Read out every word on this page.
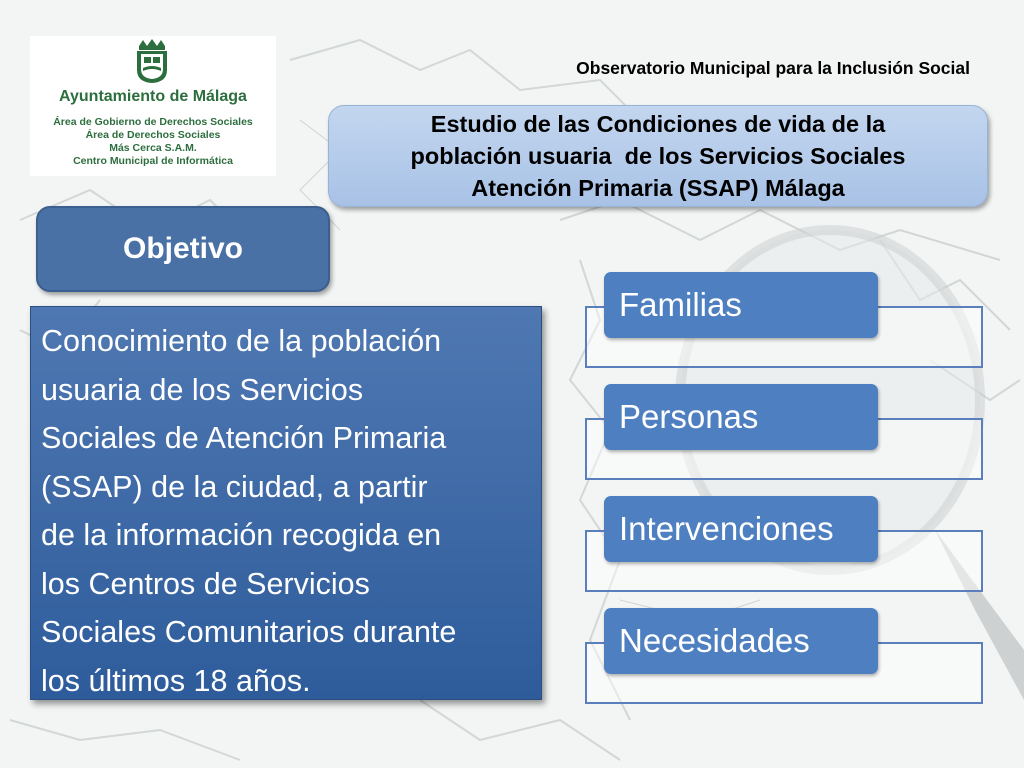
Ayuntamiento de Málaga
Área de Gobierno de Derechos Sociales
Área de Derechos Sociales
Más Cerca S.A.M.
Centro Municipal de Informática
Observatorio Municipal para la Inclusión Social
Estudio de las Condiciones de vida de la
población usuaria  de los Servicios Sociales
Atención Primaria (SSAP) Málaga
Objetivo
Conocimiento de la población
usuaria de los Servicios
Sociales de Atención Primaria
(SSAP) de la ciudad, a partir
de la información recogida en
los Centros de Servicios
Sociales Comunitarios durante
los últimos 18 años.
Familias
Personas
Intervenciones
Necesidades
